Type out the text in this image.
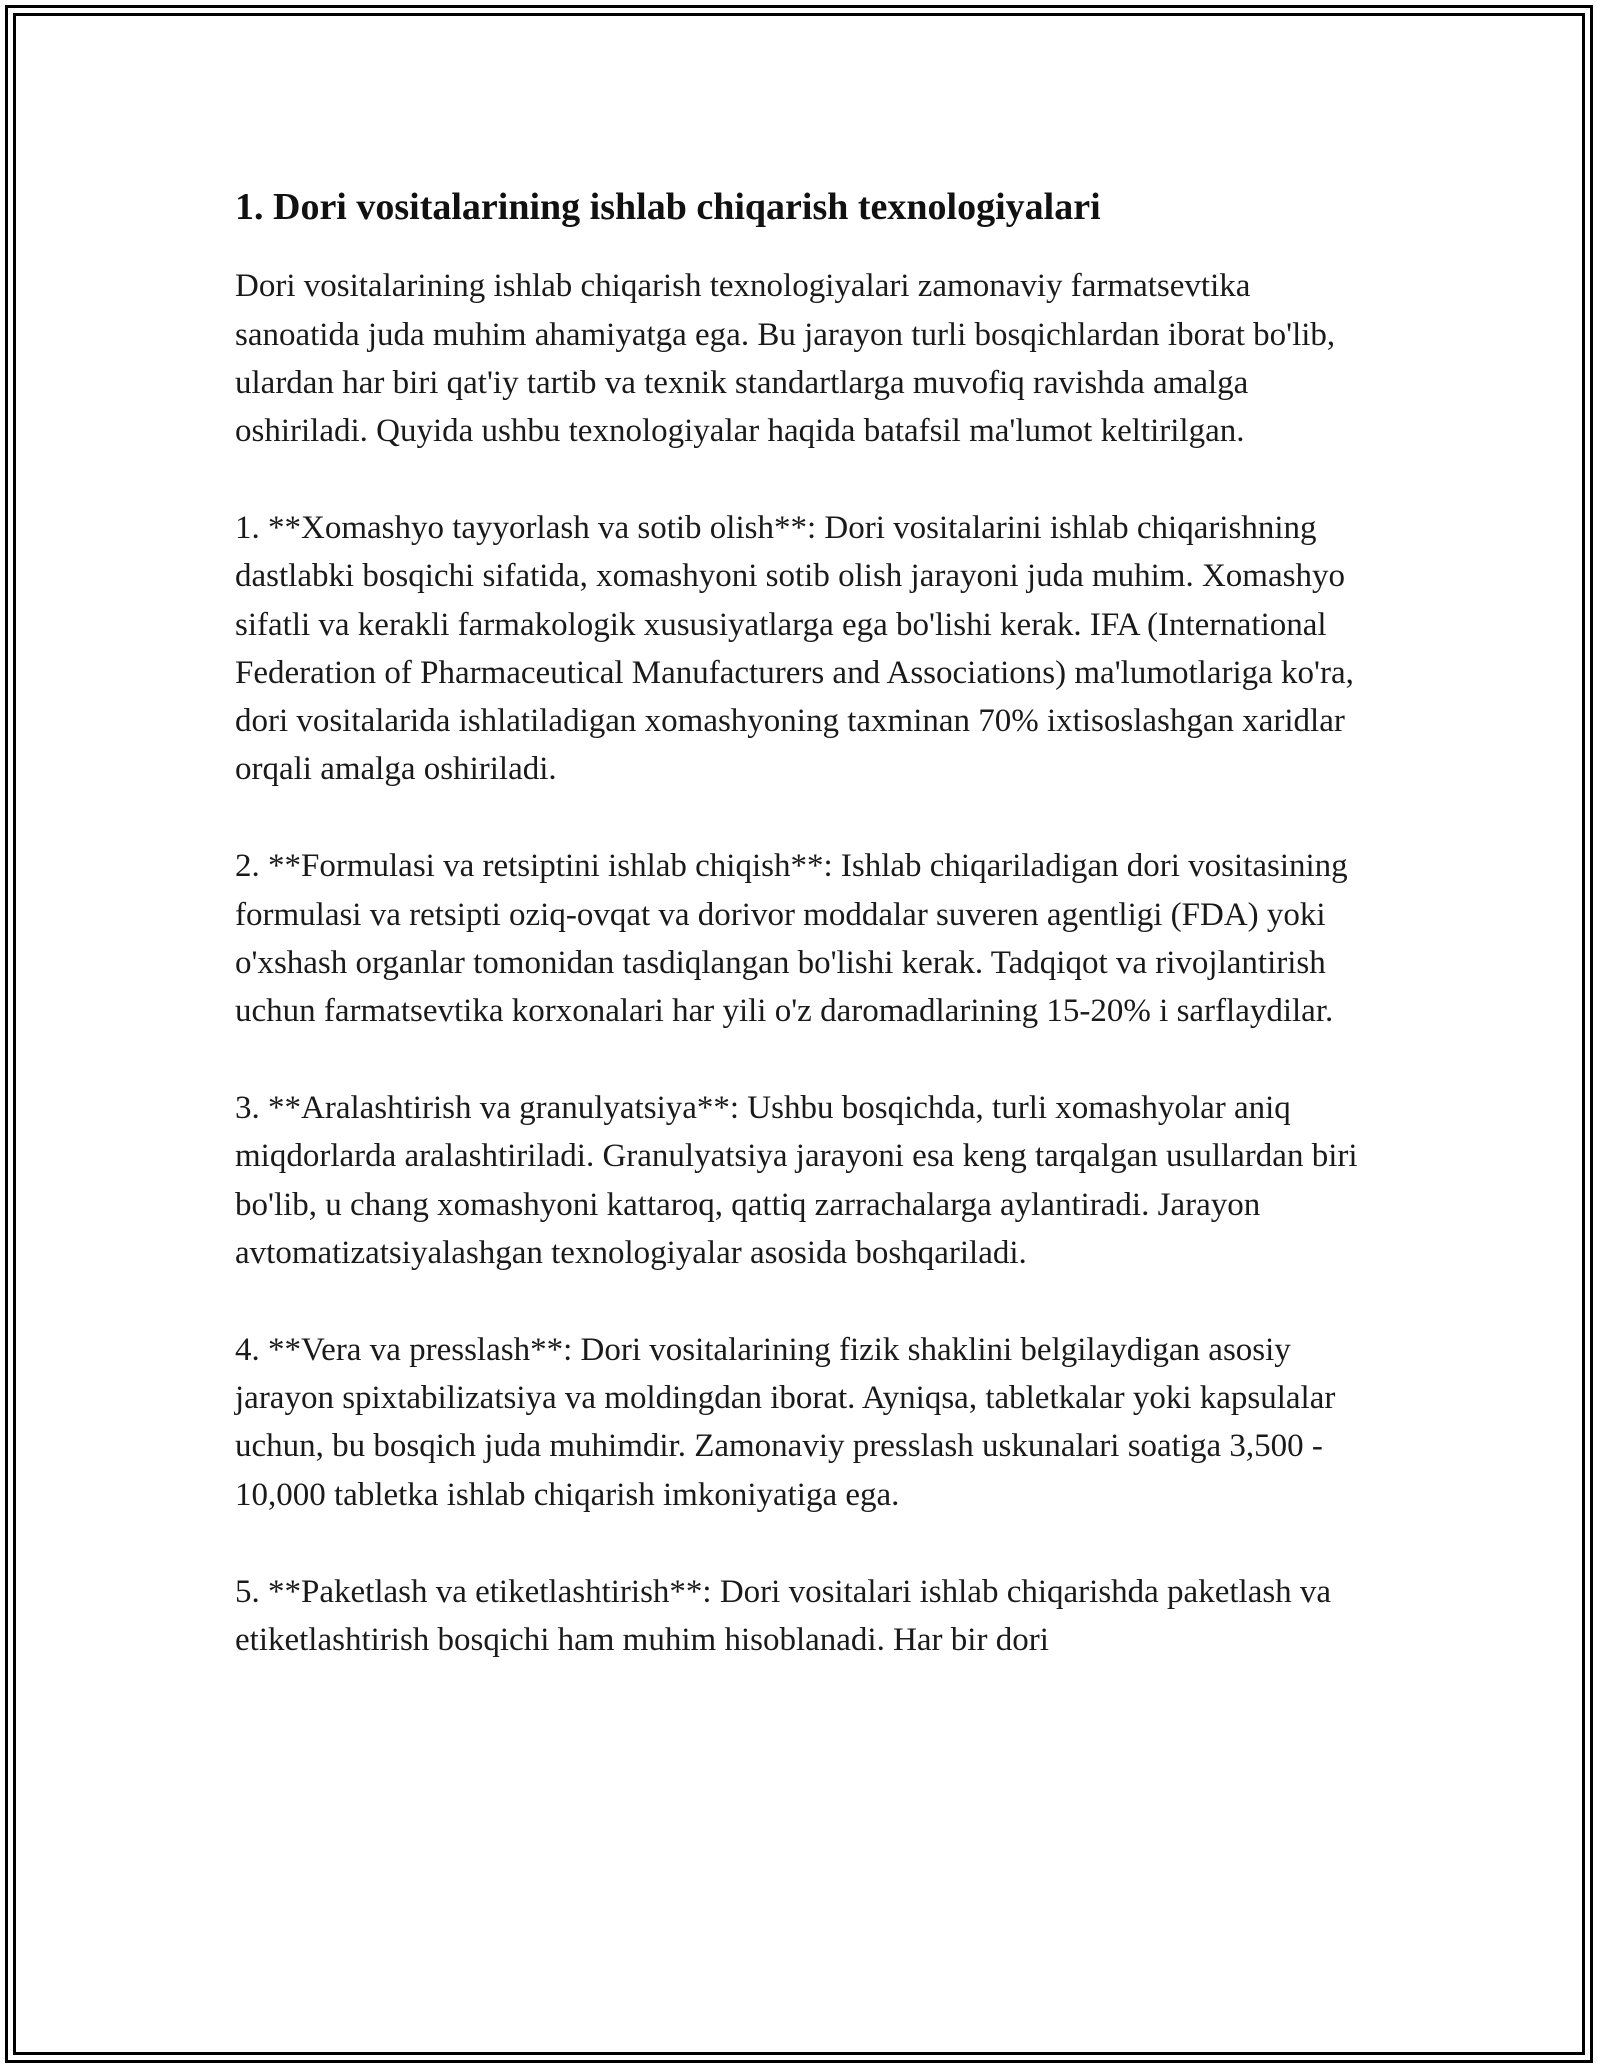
1. Dori vositalarining ishlab chiqarish texnologiyalari

Dori vositalarining ishlab chiqarish texnologiyalari zamonaviy farmatsevtika sanoatida juda muhim ahamiyatga ega. Bu jarayon turli bosqichlardan iborat bo'lib, ulardan har biri qat'iy tartib va texnik standartlarga muvofiq ravishda amalga oshiriladi. Quyida ushbu texnologiyalar haqida batafsil ma'lumot keltirilgan.

1. **Xomashyo tayyorlash va sotib olish**: Dori vositalarini ishlab chiqarishning dastlabki bosqichi sifatida, xomashyoni sotib olish jarayoni juda muhim. Xomashyo sifatli va kerakli farmakologik xususiyatlarga ega bo'lishi kerak. IFA (International Federation of Pharmaceutical Manufacturers and Associations) ma'lumotlariga ko'ra, dori vositalarida ishlatiladigan xomashyoning taxminan 70% ixtisoslashgan xaridlar orqali amalga oshiriladi.

2. **Formulasi va retsiptini ishlab chiqish**: Ishlab chiqariladigan dori vositasining formulasi va retsipti oziq-ovqat va dorivor moddalar suveren agentligi (FDA) yoki o'xshash organlar tomonidan tasdiqlangan bo'lishi kerak. Tadqiqot va rivojlantirish uchun farmatsevtika korxonalari har yili o'z daromadlarining 15-20% i sarflaydilar.

3. **Aralashtirish va granulyatsiya**: Ushbu bosqichda, turli xomashyolar aniq miqdorlarda aralashtiriladi. Granulyatsiya jarayoni esa keng tarqalgan usullardan biri bo'lib, u chang xomashyoni kattaroq, qattiq zarrachalarga aylantiradi. Jarayon avtomatizatsiyalashgan texnologiyalar asosida boshqariladi.

4. **Vera va presslash**: Dori vositalarining fizik shaklini belgilaydigan asosiy jarayon spixtabilizatsiya va moldingdan iborat. Ayniqsa, tabletkalar yoki kapsulalar uchun, bu bosqich juda muhimdir. Zamonaviy presslash uskunalari soatiga 3,500 - 10,000 tabletka ishlab chiqarish imkoniyatiga ega.

5. **Paketlash va etiketlashtirish**: Dori vositalari ishlab chiqarishda paketlash va etiketlashtirish bosqichi ham muhim hisoblanadi. Har bir dori
